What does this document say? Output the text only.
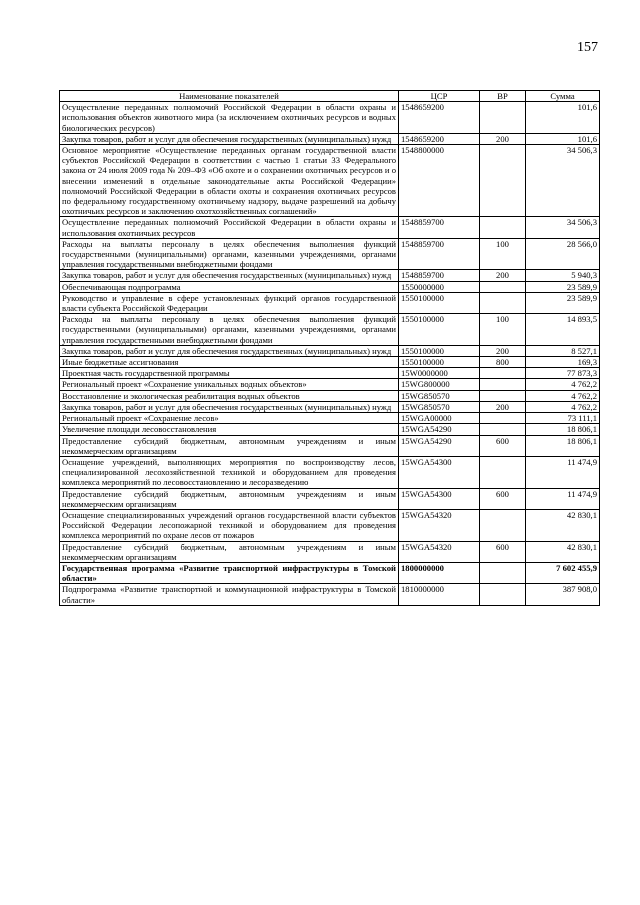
157
Наименование показателей	ЦСР	ВР	Сумма
Осуществление переданных полномочий Российской Федерации в области охраны и использования объектов животного мира (за исключением охотничьих ресурсов и водных биологических ресурсов)	1548659200		101,6
Закупка товаров, работ и услуг для обеспечения государственных (муниципальных) нужд	1548659200	200	101,6
Основное мероприятие «Осуществление переданных органам государственной власти субъектов Российской Федерации в соответствии с частью 1 статьи 33 Федерального закона от 24 июля 2009 года № 209–ФЗ «Об охоте и о сохранении охотничьих ресурсов и о внесении изменений в отдельные законодательные акты Российской Федерации» полномочий Российской Федерации в области охоты и сохранения охотничьих ресурсов по федеральному государственному охотничьему надзору, выдаче разрешений на добычу охотничьих ресурсов и заключению охотхозяйственных соглашений»	1548800000		34 506,3
Осуществление переданных полномочий Российской Федерации в области охраны и использования охотничьих ресурсов	1548859700		34 506,3
Расходы на выплаты персоналу в целях обеспечения выполнения функций государственными (муниципальными) органами, казенными учреждениями, органами управления государственными внебюджетными фондами	1548859700	100	28 566,0
Закупка товаров, работ и услуг для обеспечения государственных (муниципальных) нужд	1548859700	200	5 940,3
Обеспечивающая подпрограмма	1550000000		23 589,9
Руководство и управление в сфере установленных функций органов государственной власти субъекта Российской Федерации	1550100000		23 589,9
Расходы на выплаты персоналу в целях обеспечения выполнения функций государственными (муниципальными) органами, казенными учреждениями, органами управления государственными внебюджетными фондами	1550100000	100	14 893,5
Закупка товаров, работ и услуг для обеспечения государственных (муниципальных) нужд	1550100000	200	8 527,1
Иные бюджетные ассигнования	1550100000	800	169,3
Проектная часть государственной программы	15W0000000		77 873,3
Региональный проект «Сохранение уникальных водных объектов»	15WG800000		4 762,2
Восстановление и экологическая реабилитация водных объектов	15WG850570		4 762,2
Закупка товаров, работ и услуг для обеспечения государственных (муниципальных) нужд	15WG850570	200	4 762,2
Региональный проект «Сохранение лесов»	15WGA00000		73 111,1
Увеличение площади лесовосстановления	15WGA54290		18 806,1
Предоставление субсидий бюджетным, автономным учреждениям и иным некоммерческим организациям	15WGA54290	600	18 806,1
Оснащение учреждений, выполняющих мероприятия по воспроизводству лесов, специализированной лесохозяйственной техникой и оборудованием для проведения комплекса мероприятий по лесовосстановлению и лесоразведению	15WGA54300		11 474,9
Предоставление субсидий бюджетным, автономным учреждениям и иным некоммерческим организациям	15WGA54300	600	11 474,9
Оснащение специализированных учреждений органов государственной власти субъектов Российской Федерации лесопожарной техникой и оборудованием для проведения комплекса мероприятий по охране лесов от пожаров	15WGA54320		42 830,1
Предоставление субсидий бюджетным, автономным учреждениям и иным некоммерческим организациям	15WGA54320	600	42 830,1
Государственная программа «Развитие транспортной инфраструктуры в Томской области»	1800000000		7 602 455,9
Подпрограмма «Развитие транспортной и коммунационной инфраструктуры в Томской области»	1810000000		387 908,0
